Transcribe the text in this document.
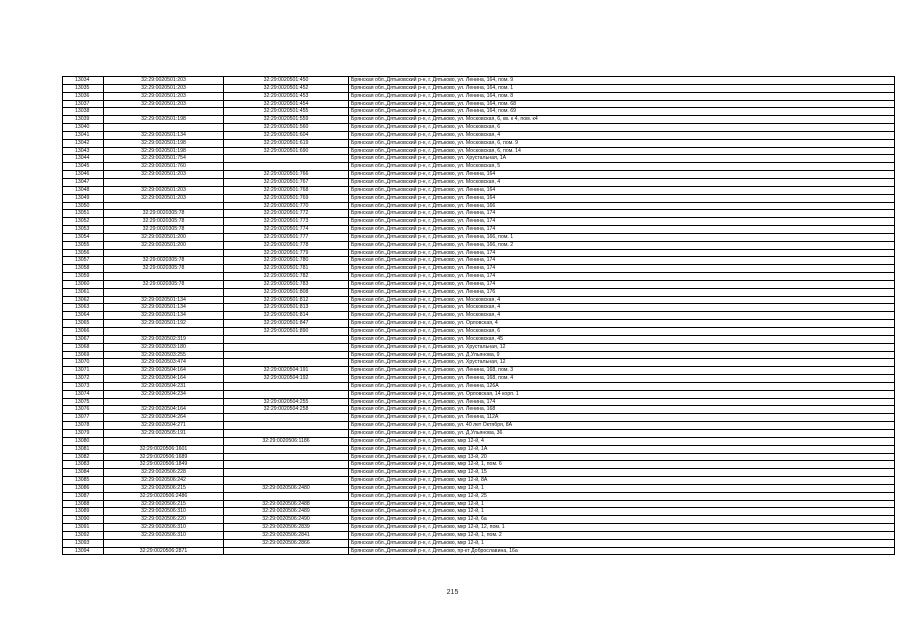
13034	32:29:0020501:203	32:29:0020501:450	Брянская обл.,Дятьковский р-н, г. Дятьково, ул. Ленина, 164, пом. 9
13035	32:29:0020501:203	32:29:0020501:452	Брянская обл.,Дятьковский р-н, г. Дятьково, ул. Ленина, 164, пом. 1
13036	32:29:0020501:203	32:29:0020501:453	Брянская обл.,Дятьковский р-н, г. Дятьково, ул. Ленина, 164, пом. 8
13037	32:29:0020501:203	32:29:0020501:454	Брянская обл.,Дятьковский р-н, г. Дятьково, ул. Ленина, 164, пом. 68
13038		32:29:0020501:455	Брянская обл.,Дятьковский р-н, г. Дятьково, ул. Ленина, 164, пом. 69
13039	32:29:0020501:198	32:29:0020501:559	Брянская обл.,Дятьковский р-н, г. Дятьково, ул. Московская, 6, кв. к 4, пом. к4
13040		32:29:0020501:560	Брянская обл.,Дятьковский р-н, г. Дятьково, ул. Московская, 6
13041	32:29:0020501:134	32:29:0020501:604	Брянская обл.,Дятьковский р-н, г. Дятьково, ул. Московская, 4
13042	32:29:0020501:198	32:29:0020501:619	Брянская обл.,Дятьковский р-н, г. Дятьково, ул. Московская, 6, пом. 9
13043	32:29:0020501:198	32:29:0020501:690	Брянская обл.,Дятьковский р-н, г. Дятьково, ул. Московская, 6, пом. 14
13044	32:29:0020501:754		Брянская обл.,Дятьковский р-н, г. Дятьково, ул. Хрустальная, 1А
13045	32:29:0020501:760		Брянская обл.,Дятьковский р-н, г. Дятьково, ул. Московская, 5
13046	32:29:0020501:203	32:29:0020501:766	Брянская обл.,Дятьковский р-н, г. Дятьково, ул. Ленина, 164
13047		32:29:0020501:767	Брянская обл.,Дятьковский р-н, г. Дятьково, ул. Московская, 4
13048	32:29:0020501:203	32:29:0020501:768	Брянская обл.,Дятьковский р-н, г. Дятьково, ул. Ленина, 164
13049	32:29:0020501:203	32:29:0020501:769	Брянская обл.,Дятьковский р-н, г. Дятьково, ул. Ленина, 164
13050		32:29:0020501:770	Брянская обл.,Дятьковский р-н, г. Дятьково, ул. Ленина, 166
13051	32:29:0020305:78	32:29:0020501:772	Брянская обл.,Дятьковский р-н, г. Дятьково, ул. Ленина, 174
13052	32:29:0020305:78	32:29:0020501:773	Брянская обл.,Дятьковский р-н, г. Дятьково, ул. Ленина, 174
13053	32:29:0020305:78	32:29:0020501:774	Брянская обл.,Дятьковский р-н, г. Дятьково, ул. Ленина, 174
13054	32:29:0020501:200	32:29:0020501:777	Брянская обл.,Дятьковский р-н, г. Дятьково, ул. Ленина, 166, пом. 1
13055	32:29:0020501:200	32:29:0020501:778	Брянская обл.,Дятьковский р-н, г. Дятьково, ул. Ленина, 166, пом. 2
13056		32:29:0020501:779	Брянская обл.,Дятьковский р-н, г. Дятьково, ул. Ленина, 174
13057	32:29:0020305:78	32:29:0020501:780	Брянская обл.,Дятьковский р-н, г. Дятьково, ул. Ленина, 174
13058	32:29:0020305:78	32:29:0020501:781	Брянская обл.,Дятьковский р-н, г. Дятьково, ул. Ленина, 174
13059		32:29:0020501:782	Брянская обл.,Дятьковский р-н, г. Дятьково, ул. Ленина, 174
13060	32:29:0020305:78	32:29:0020501:783	Брянская обл.,Дятьковский р-н, г. Дятьково, ул. Ленина, 174
13061		32:29:0020501:808	Брянская обл.,Дятьковский р-н, г. Дятьково, ул. Ленина, 176
13062	32:29:0020501:134	32:29:0020501:812	Брянская обл.,Дятьковский р-н, г. Дятьково, ул. Московская, 4
13063	32:29:0020501:134	32:29:0020501:813	Брянская обл.,Дятьковский р-н, г. Дятьково, ул. Московская, 4
13064	32:29:0020501:134	32:29:0020501:814	Брянская обл.,Дятьковский р-н, г. Дятьково, ул. Московская, 4
13065	32:29:0020501:192	32:29:0020501:847	Брянская обл.,Дятьковский р-н, г. Дятьково, ул. Орловская, 4
13066		32:29:0020501:890	Брянская обл.,Дятьковский р-н, г. Дятьково, ул. Московская, 6
13067	32:29:0020502:319		Брянская обл.,Дятьковский р-н, г. Дятьково, ул. Московская, 45
13068	32:29:0020503:180		Брянская обл.,Дятьковский р-н, г. Дятьково, ул. Хрустальная, 12
13069	32:29:0020503:255		Брянская обл.,Дятьковский р-н, г. Дятьково, ул. Д.Ульянова, 9
13070	32:29:0020503:474		Брянская обл.,Дятьковский р-н, г. Дятьково, ул. Хрустальная, 12
13071	32:29:0020504:164	32:29:0020504:191	Брянская обл.,Дятьковский р-н, г. Дятьково, ул. Ленина, 168, пом. 3
13072	32:29:0020504:164	32:29:0020504:192	Брянская обл.,Дятьковский р-н, г. Дятьково, ул. Ленина, 168, пом. 4
13073	32:29:0020504:231		Брянская обл.,Дятьковский р-н, г. Дятьково, ул. Ленина, 126А
13074	32:29:0020504:234		Брянская обл.,Дятьковский р-н, г. Дятьково, ул. Орловская, 14 корп. 1
13075		32:29:0020504:255	Брянская обл.,Дятьковский р-н, г. Дятьково, ул. Ленина, 174
13076	32:29:0020504:164	32:29:0020504:258	Брянская обл.,Дятьковский р-н, г. Дятьково, ул. Ленина, 168
13077	32:29:0020504:264		Брянская обл.,Дятьковский р-н, г. Дятьково, ул. Ленина, 112А
13078	32:29:0020504:271		Брянская обл.,Дятьковский р-н, г. Дятьково, ул. 40 лет Октября, 8А
13079	32:29:0020505:191		Брянская обл.,Дятьковский р-н, г. Дятьково, ул. Д.Ульянова, 36
13080		32:29:0020506:1186	Брянская обл.,Дятьковский р-н, г. Дятьково, мкр 12-й, 4
13081	32:29:0020506:1601		Брянская обл.,Дятьковский р-н, г. Дятьково, мкр 12-й, 1А
13082	32:29:0020506:1689		Брянская обл.,Дятьковский р-н, г. Дятьково, мкр 13-й, 20
13083	32:29:0020506:1849		Брянская обл.,Дятьковский р-н, г. Дятьково, мкр 12-й, 1, пом. 6
13084	32:29:0020506:228		Брянская обл.,Дятьковский р-н, г. Дятьково, мкр 12-й, 15
13085	32:29:0020506:242		Брянская обл.,Дятьковский р-н, г. Дятьково, мкр 12-й, 8А
13086	32:29:0020506:215	32:29:0020506:2480	Брянская обл.,Дятьковский р-н, г. Дятьково, мкр 12-й, 1
13087	32:29:0020506:2486		Брянская обл.,Дятьковский р-н, г. Дятьково, мкр 12-й, 25
13088	32:29:0020506:215	32:29:0020506:2488	Брянская обл.,Дятьковский р-н, г. Дятьково, мкр 12-й, 1
13089	32:29:0020506:310	32:29:0020506:2489	Брянская обл.,Дятьковский р-н, г. Дятьково, мкр 12-й, 1
13090	32:29:0020506:220	32:29:0020506:2490	Брянская обл.,Дятьковский р-н, г. Дятьково, мкр 12-й, 6а
13091	32:29:0020506:310	32:29:0020506:2839	Брянская обл.,Дятьковский р-н, г. Дятьково, мкр 12-й, 12, пом. 1
13092	32:29:0020506:310	32:29:0020506:2841	Брянская обл.,Дятьковский р-н, г. Дятьково, мкр 12-й, 1, пом. 2
13093		32:29:0020506:2866	Брянская обл.,Дятьковский р-н, г. Дятьково, мкр 12-й, 1
13094	32:29:0020506:2871		Брянская обл.,Дятьковский р-н, г. Дятьково, пр-кт Доброславина, 16а
215
